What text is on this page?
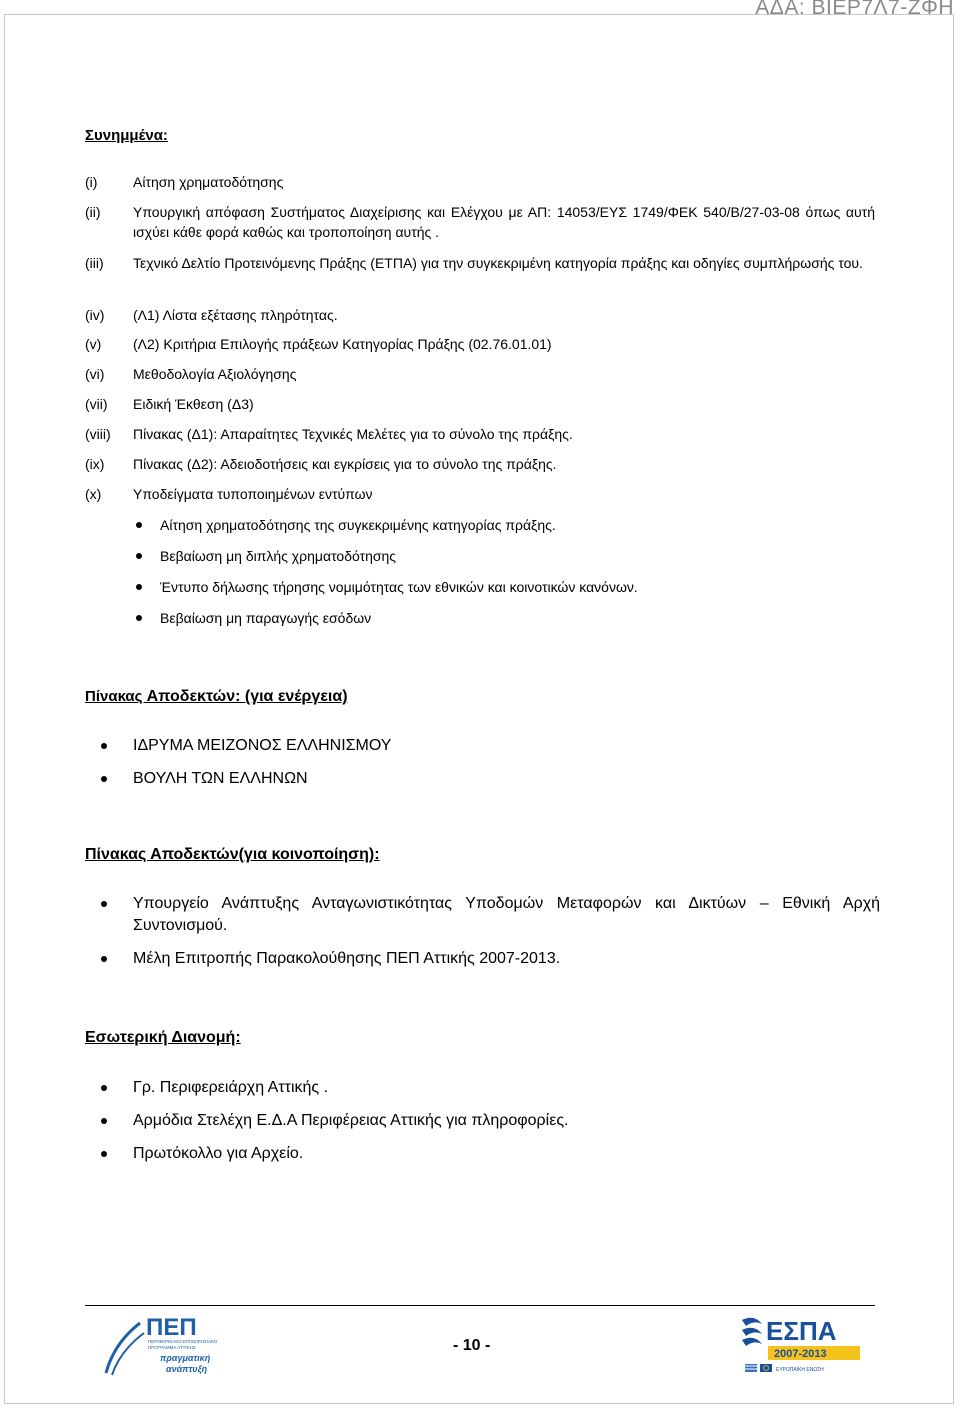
ΑΔΑ: ΒΙΕΡ7Λ7-ΖΦΗ

Συνημμένα:

(i)	Αίτηση χρηματοδότησης
(ii)	Υπουργική απόφαση Συστήματος Διαχείρισης και Ελέγχου με ΑΠ: 14053/ΕΥΣ 1749/ΦΕΚ 540/Β/27-03-08 όπως αυτή ισχύει κάθε φορά καθώς και τροποποίηση αυτής .
(iii)	Τεχνικό Δελτίο Προτεινόμενης Πράξης (ΕΤΠΑ) για την συγκεκριμένη κατηγορία πράξης και οδηγίες συμπλήρωσής του.
(iv)	(Λ1) Λίστα εξέτασης πληρότητας.
(v)	(Λ2) Κριτήρια Επιλογής πράξεων Κατηγορίας Πράξης (02.76.01.01)
(vi)	Μεθοδολογία Αξιολόγησης
(vii)	Ειδική Έκθεση (Δ3)
(viii)	Πίνακας (Δ1): Απαραίτητες Τεχνικές Μελέτες για το σύνολο της πράξης.
(ix)	Πίνακας (Δ2): Αδειοδοτήσεις και εγκρίσεις για το σύνολο της πράξης.
(x)	Υποδείγματα τυποποιημένων εντύπων
Αίτηση χρηματοδότησης της συγκεκριμένης κατηγορίας πράξης.
Βεβαίωση μη διπλής χρηματοδότησης
Έντυπο δήλωσης τήρησης νομιμότητας των εθνικών και κοινοτικών κανόνων.
Βεβαίωση μη παραγωγής εσόδων

Πίνακας Αποδεκτών: (για ενέργεια)

ΙΔΡΥΜΑ ΜΕΙΖΟΝΟΣ ΕΛΛΗΝΙΣΜΟΥ
ΒΟΥΛΗ ΤΩΝ ΕΛΛΗΝΩΝ

Πίνακας Αποδεκτών(για κοινοποίηση):

Υπουργείο Ανάπτυξης Ανταγωνιστικότητας Υποδομών Μεταφορών και Δικτύων – Εθνική Αρχή Συντονισμού.
Μέλη Επιτροπής Παρακολούθησης ΠΕΠ Αττικής 2007-2013.

Εσωτερική Διανομή:

Γρ. Περιφερειάρχη Αττικής .
Αρμόδια Στελέχη Ε.Δ.Α Περιφέρειας Αττικής για πληροφορίες.
Πρωτόκολλο για Αρχείο.
ΠΕΠ
ΠΕΡΙΦΕΡΕΙΑΚΟ ΕΠΙΧΕΙΡΗΣΙΑΚΟ
ΠΡΟΓΡΑΜΜΑ ΑΤΤΙΚΗΣ
πραγματική
ανάπτυξη
- 10 -	ΕΣΠΑ
2007-2013
ΕΥΡΩΠΑΪΚΗ ΕΝΩΣΗ
